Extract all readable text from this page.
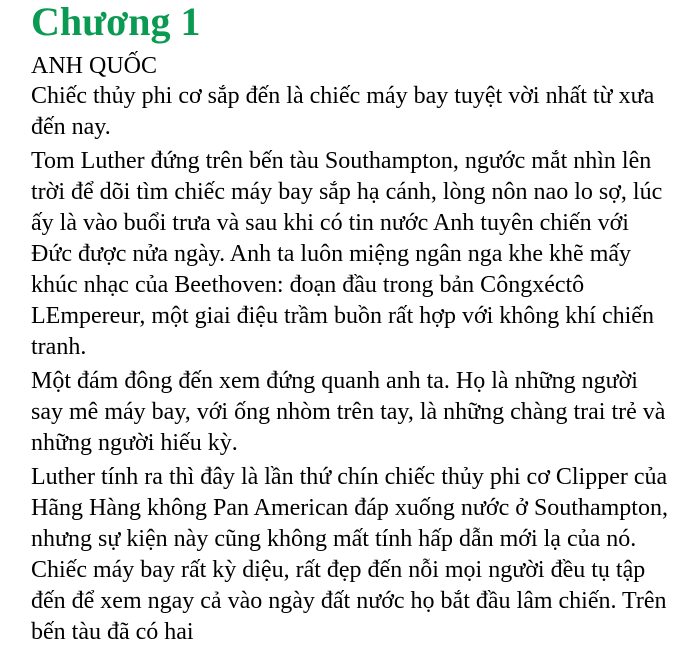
Chương 1
ANH QUỐC

Chiếc thủy phi cơ sắp đến là chiếc máy bay tuyệt vời nhất từ xưa đến nay.

Tom Luther đứng trên bến tàu Southampton, ngước mắt nhìn lên trời để dõi tìm chiếc máy bay sắp hạ cánh, lòng nôn nao lo sợ, lúc ấy là vào buổi trưa và sau khi có tin nước Anh tuyên chiến với Đức được nửa ngày. Anh ta luôn miệng ngân nga khe khẽ mấy khúc nhạc của Beethoven: đoạn đầu trong bản Côngxéctô LEmpereur, một giai điệu trầm buồn rất hợp với không khí chiến tranh.

Một đám đông đến xem đứng quanh anh ta. Họ là những người say mê máy bay, với ống nhòm trên tay, là những chàng trai trẻ và những người hiếu kỳ.

Luther tính ra thì đây là lần thứ chín chiếc thủy phi cơ Clipper của Hãng Hàng không Pan American đáp xuống nước ở Southampton, nhưng sự kiện này cũng không mất tính hấp dẫn mới lạ của nó. Chiếc máy bay rất kỳ diệu, rất đẹp đến nỗi mọi người đều tụ tập đến để xem ngay cả vào ngày đất nước họ bắt đầu lâm chiến. Trên bến tàu đã có hai
